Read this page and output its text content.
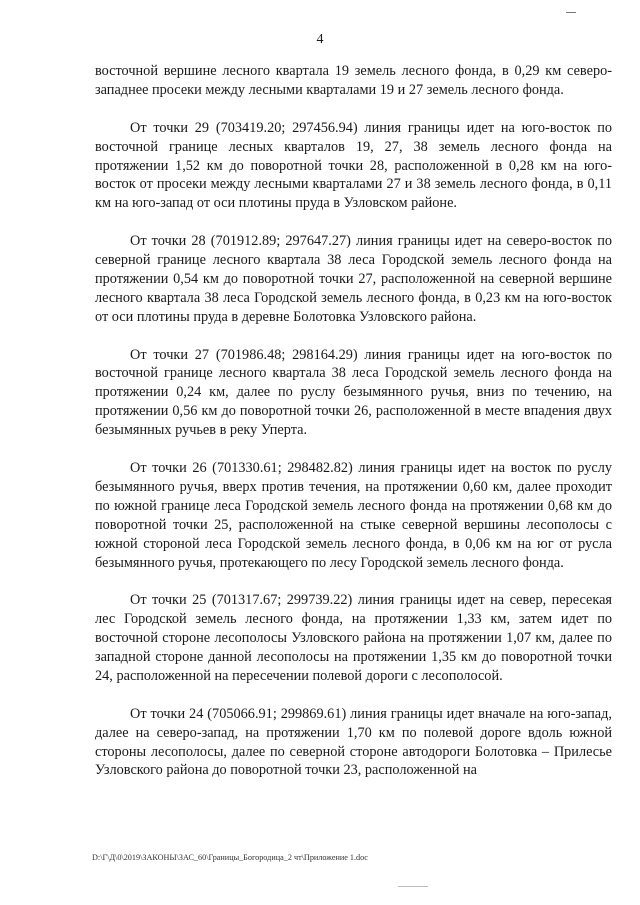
4

восточной вершине лесного квартала 19 земель лесного фонда, в 0,29 км северо-западнее просеки между лесными кварталами 19 и 27 земель лесного фонда.

От точки 29 (703419.20; 297456.94) линия границы идет на юго-восток по восточной границе лесных кварталов 19, 27, 38 земель лесного фонда на протяжении 1,52 км до поворотной точки 28, расположенной в 0,28 км на юго-восток от просеки между лесными кварталами 27 и 38 земель лесного фонда, в 0,11 км на юго-запад от оси плотины пруда в Узловском районе.

От точки 28 (701912.89; 297647.27) линия границы идет на северо-восток по северной границе лесного квартала 38 леса Городской земель лесного фонда на протяжении 0,54 км до поворотной точки 27, расположенной на северной вершине лесного квартала 38 леса Городской земель лесного фонда, в 0,23 км на юго-восток от оси плотины пруда в деревне Болотовка Узловского района.

От точки 27 (701986.48; 298164.29) линия границы идет на юго-восток по восточной границе лесного квартала 38 леса Городской земель лесного фонда на протяжении 0,24 км, далее по руслу безымянного ручья, вниз по течению, на протяжении 0,56 км до поворотной точки 26, расположенной в месте впадения двух безымянных ручьев в реку Уперта.

От точки 26 (701330.61; 298482.82) линия границы идет на восток по руслу безымянного ручья, вверх против течения, на протяжении 0,60 км, далее проходит по южной границе леса Городской земель лесного фонда на протяжении 0,68 км до поворотной точки 25, расположенной на стыке северной вершины лесополосы с южной стороной леса Городской земель лесного фонда, в 0,06 км на юг от русла безымянного ручья, протекающего по лесу Городской земель лесного фонда.

От точки 25 (701317.67; 299739.22) линия границы идет на север, пересекая лес Городской земель лесного фонда, на протяжении 1,33 км, затем идет по восточной стороне лесополосы Узловского района на протяжении 1,07 км, далее по западной стороне данной лесополосы на протяжении 1,35 км до поворотной точки 24, расположенной на пересечении полевой дороги с лесополосой.

От точки 24 (705066.91; 299869.61) линия границы идет вначале на юго-запад, далее на северо-запад, на протяжении 1,70 км по полевой дороге вдоль южной стороны лесополосы, далее по северной стороне автодороги Болотовка – Прилесье Узловского района до поворотной точки 23, расположенной на

D:\Г\Д\0\2019\ЗАКОНЫ\ЗАС_60\Границы_Богородица_2 чт\Приложение 1.doc
